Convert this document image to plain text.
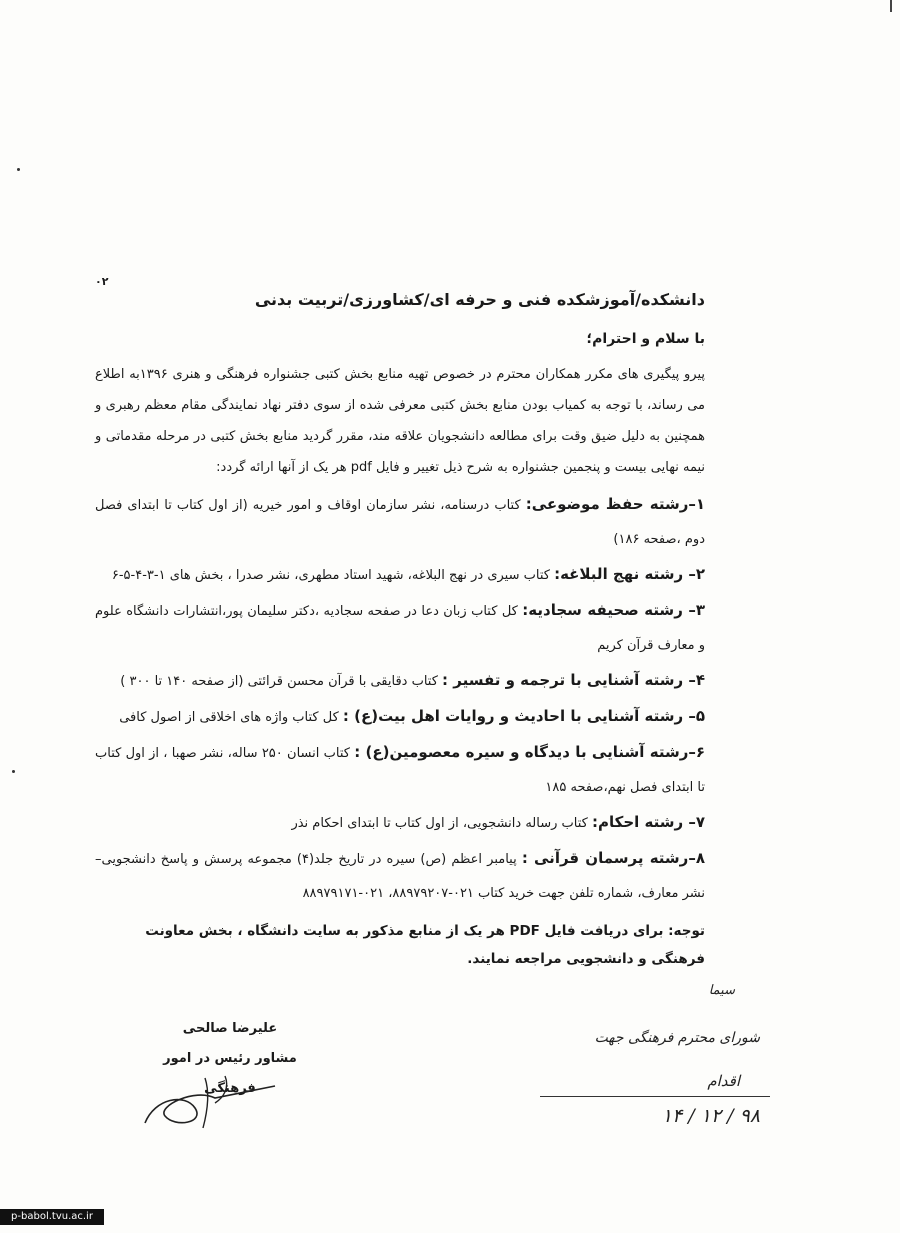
۰۲
دانشکده/آموزشکده فنی و حرفه ای/کشاورزی/تربیت بدنی
با سلام و احترام؛

پیرو پیگیری های مکرر همکاران محترم در خصوص تهیه منابع بخش کتبی جشنواره فرهنگی و هنری ۱۳۹۶به اطلاع می رساند، با توجه به کمیاب بودن منابع بخش کتبی معرفی شده از سوی دفتر نهاد نمایندگی مقام معظم رهبری و همچنین به دلیل ضیق وقت برای مطالعه دانشجویان علاقه مند، مقرر گردید منابع بخش کتبی در مرحله مقدماتی و نیمه نهایی بیست و پنجمین جشنواره به شرح ذیل تغییر و فایل pdf هر یک از آنها ارائه گردد:

۱–رشته حفظ موضوعی: کتاب درسنامه، نشر سازمان اوقاف و امور خیریه (از اول کتاب تا ابتدای فصل دوم ،صفحه ۱۸۶)

۲– رشته نهج البلاغه: کتاب سیری در نهج البلاغه، شهید استاد مطهری، نشر صدرا ، بخش های ۱-۳-۴-۵-۶

۳– رشته صحیفه سجادیه: کل کتاب زبان دعا در صفحه سجادیه ،دکتر سلیمان پور،انتشارات دانشگاه علوم و معارف قرآن کریم

۴– رشته آشنایی با ترجمه و تفسیر : کتاب دقایقی با قرآن محسن قرائتی (از صفحه ۱۴۰ تا ۳۰۰ )

۵– رشته آشنایی با احادیث و روایات اهل بیت(ع) : کل کتاب واژه های اخلاقی از اصول کافی

۶–رشته آشنایی با دیدگاه و سیره معصومین(ع) : کتاب انسان ۲۵۰ ساله، نشر صهبا ، از اول کتاب تا ابتدای فصل نهم،صفحه ۱۸۵

۷– رشته احکام: کتاب رساله دانشجویی، از اول کتاب تا ابتدای احکام نذر

۸–رشته پرسمان قرآنی : پیامبر اعظم (ص) سیره در تاریخ جلد(۴) مجموعه پرسش و پاسخ دانشجویی– نشر معارف، شماره تلفن جهت خرید کتاب ۰۲۱-۸۸۹۷۹۲۰۷، ۰۲۱-۸۸۹۷۹۱۷۱

توجه: برای دریافت فایل PDF هر یک از منابع مذکور به سایت دانشگاه ، بخش معاونت فرهنگی و دانشجویی مراجعه نمایند.
علیرضا صالحی
مشاور رئیس در امور فرهنگی
سیما
شورای محترم فرهنگی جهت
اقدام
۹۸ / ۱۲ / ۱۴
p-babol.tvu.ac.ir
